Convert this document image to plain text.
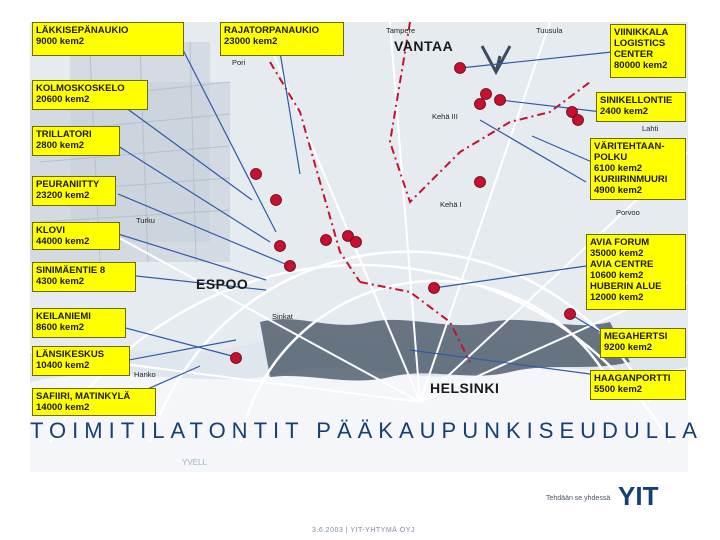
Tampere	Tuusula
Pori
Kehä III
Lahti
Kehä I
Porvoo
Turku
Sinkat
Hanko
VANTAA
ESPOO
HELSINKI
LÄKKISEPÄNAUKIO
9000 kem2
RAJATORPANAUKIO
23000 kem2
KOLMOSKOSKELO
20600 kem2
TRILLATORI
2800 kem2
PEURANIITTY
23200 kem2
KLOVI
44000 kem2
SINIMÄENTIE 8
4300 kem2
KEILANIEMI
8600 kem2
LÄNSIKESKUS
10400 kem2
SAFIIRI, MATINKYLÄ
14000 kem2
VIINIKKALA
LOGISTICS
CENTER
80000 kem2
SINIKELLONTIE
2400 kem2
VÄRITEHTAAN-
POLKU
6100 kem2
KURIIRINMUURI
4900 kem2
AVIA FORUM
35000 kem2
AVIA CENTRE
10600 kem2
HUBERIN ALUE
12000 kem2
MEGAHERTSI
9200 kem2
HAAGANPORTTI
5500 kem2
TOIMITILATONTIT PÄÄKAUPUNKISEUDULLA
YVELL
Tehdään se yhdessä YIT
3.6.2003 | YIT-YHTYMÄ OYJ
